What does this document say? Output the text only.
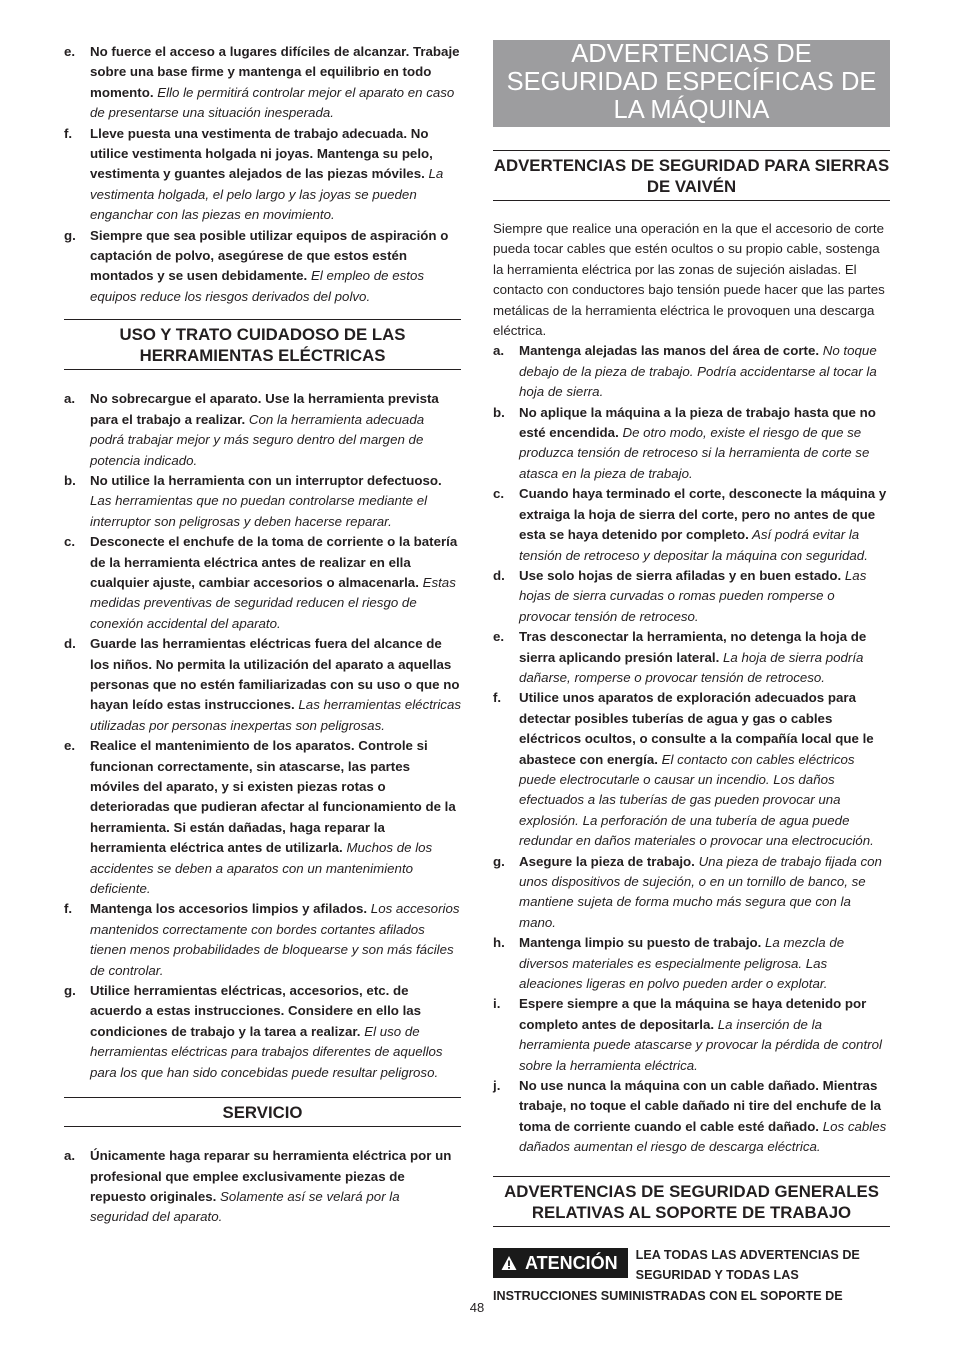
e.	No fuerce el acceso a lugares difíciles de alcanzar. Trabaje sobre una base firme y mantenga el equilibrio en todo momento. Ello le permitirá controlar mejor el aparato en caso de presentarse una situación inesperada.
f.	Lleve puesta una vestimenta de trabajo adecuada. No utilice vestimenta holgada ni joyas. Mantenga su pelo, vestimenta y guantes alejados de las piezas móviles. La vestimenta holgada, el pelo largo y las joyas se pueden enganchar con las piezas en movimiento.
g.	Siempre que sea posible utilizar equipos de aspiración o captación de polvo, asegúrese de que estos estén montados y se usen debidamente. El empleo de estos equipos reduce los riesgos derivados del polvo.
USO Y TRATO CUIDADOSO DE LAS HERRAMIENTAS ELÉCTRICAS
a.	No sobrecargue el aparato. Use la herramienta prevista para el trabajo a realizar. Con la herramienta adecuada podrá trabajar mejor y más seguro dentro del margen de potencia indicado.
b.	No utilice la herramienta con un interruptor defectuoso. Las herramientas que no puedan controlarse mediante el interruptor son peligrosas y deben hacerse reparar.
c.	Desconecte el enchufe de la toma de corriente o la batería de la herramienta eléctrica antes de realizar en ella cualquier ajuste, cambiar accesorios o almacenarla. Estas medidas preventivas de seguridad reducen el riesgo de conexión accidental del aparato.
d.	Guarde las herramientas eléctricas fuera del alcance de los niños. No permita la utilización del aparato a aquellas personas que no estén familiarizadas con su uso o que no hayan leído estas instrucciones. Las herramientas eléctricas utilizadas por personas inexpertas son peligrosas.
e.	Realice el mantenimiento de los aparatos. Controle si funcionan correctamente, sin atascarse, las partes móviles del aparato, y si existen piezas rotas o deterioradas que pudieran afectar al funcionamiento de la herramienta. Si están dañadas, haga reparar la herramienta eléctrica antes de utilizarla. Muchos de los accidentes se deben a aparatos con un mantenimiento deficiente.
f.	Mantenga los accesorios limpios y afilados. Los accesorios mantenidos correctamente con bordes cortantes afilados tienen menos probabilidades de bloquearse y son más fáciles de controlar.
g.	Utilice herramientas eléctricas, accesorios, etc. de acuerdo a estas instrucciones. Considere en ello las condiciones de trabajo y la tarea a realizar. El uso de herramientas eléctricas para trabajos diferentes de aquellos para los que han sido concebidas puede resultar peligroso.
SERVICIO
a.	Únicamente haga reparar su herramienta eléctrica por un profesional que emplee exclusivamente piezas de repuesto originales. Solamente así se velará por la seguridad del aparato.
ADVERTENCIAS DE SEGURIDAD ESPECÍFICAS DE LA MÁQUINA
ADVERTENCIAS DE SEGURIDAD PARA SIERRAS DE VAIVÉN
Siempre que realice una operación en la que el accesorio de corte pueda tocar cables que estén ocultos o su propio cable, sostenga la herramienta eléctrica por las zonas de sujeción aisladas. El contacto con conductores bajo tensión puede hacer que las partes metálicas de la herramienta eléctrica le provoquen una descarga eléctrica.
a.	Mantenga alejadas las manos del área de corte. No toque debajo de la pieza de trabajo. Podría accidentarse al tocar la hoja de sierra.
b.	No aplique la máquina a la pieza de trabajo hasta que no esté encendida. De otro modo, existe el riesgo de que se produzca tensión de retroceso si la herramienta de corte se atasca en la pieza de trabajo.
c.	Cuando haya terminado el corte, desconecte la máquina y extraiga la hoja de sierra del corte, pero no antes de que esta se haya detenido por completo. Así podrá evitar la tensión de retroceso y depositar la máquina con seguridad.
d.	Use solo hojas de sierra afiladas y en buen estado. Las hojas de sierra curvadas o romas pueden romperse o provocar tensión de retroceso.
e.	Tras desconectar la herramienta, no detenga la hoja de sierra aplicando presión lateral. La hoja de sierra podría dañarse, romperse o provocar tensión de retroceso.
f.	Utilice unos aparatos de exploración adecuados para detectar posibles tuberías de agua y gas o cables eléctricos ocultos, o consulte a la compañía local que le abastece con energía. El contacto con cables eléctricos puede electrocutarle o causar un incendio. Los daños efectuados a las tuberías de gas pueden provocar una explosión. La perforación de una tubería de agua puede redundar en daños materiales o provocar una electrocución.
g.	Asegure la pieza de trabajo. Una pieza de trabajo fijada con unos dispositivos de sujeción, o en un tornillo de banco, se mantiene sujeta de forma mucho más segura que con la mano.
h.	Mantenga limpio su puesto de trabajo. La mezcla de diversos materiales es especialmente peligrosa. Las aleaciones ligeras en polvo pueden arder o explotar.
i.	Espere siempre a que la máquina se haya detenido por completo antes de depositarla. La inserción de la herramienta puede atascarse y provocar la pérdida de control sobre la herramienta eléctrica.
j.	No use nunca la máquina con un cable dañado. Mientras trabaje, no toque el cable dañado ni tire del enchufe de la toma de corriente cuando el cable esté dañado. Los cables dañados aumentan el riesgo de descarga eléctrica.
ADVERTENCIAS DE SEGURIDAD GENERALES RELATIVAS AL SOPORTE DE TRABAJO
ATENCIÓN LEA TODAS LAS ADVERTENCIAS DE SEGURIDAD Y TODAS LAS INSTRUCCIONES SUMINISTRADAS CON EL SOPORTE DE
48
